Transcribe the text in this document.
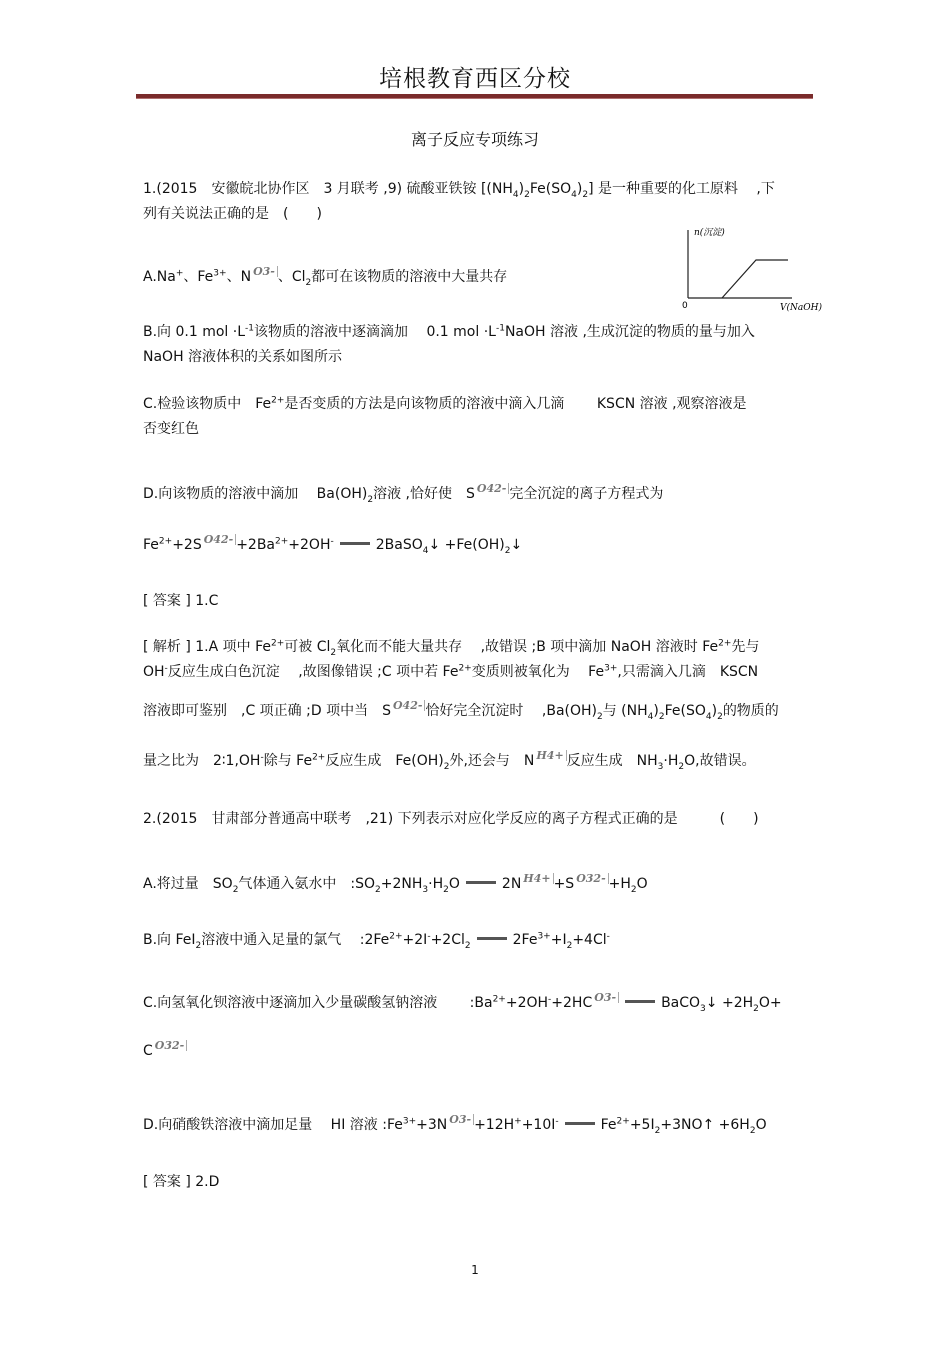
培根教育西区分校
离子反应专项练习
1.(2015　安徽皖北协作区　3 月联考 ,9) 硫酸亚铁铵 $[(NH_4)_2Fe(SO_4)_2]$ 是一种重要的化工原料　 ,下
列有关说法正确的是　(　　)
n(沉淀)
0	V(NaOH)
A.Na+、$Fe^{3+}$、N O3- 、$Cl_2$都可在该物质的溶液中大量共存
B.向 0.1 mol $\cdot L^{-1}$该物质的溶液中逐滴滴加　 0.1 mol $\cdot L^{-1}NaOH$ 溶液 ,生成沉淀的物质的量与加入
NaOH 溶液体积的关系如图所示
C.检验该物质中　$Fe^{2+}$是否变质的方法是向该物质的溶液中滴入几滴　　 KSCN 溶液 ,观察溶液是
否变红色
D.向该物质的溶液中滴加　 $Ba(OH)_2$溶液 ,恰好使　S O42- 完全沉淀的离子方程式为
$Fe^{2+}+2S$ $O42- +2Ba^{2+}+2OH^-$	2BaSO$_4$↓ $+Fe(OH)_2↓$
[ 答案 ] 1.C
[ 解析 ] 1.A 项中 $Fe^{2+}$可被 $Cl_2$氧化而不能大量共存　 ,故错误 ;B 项中滴加 NaOH 溶液时 $Fe^{2+}$先与
OH-反应生成白色沉淀　 ,故图像错误 ;C 项中若 $Fe^{2+}$变质则被氧化为　 $Fe^{3+}$,只需滴入几滴　KSCN
溶液即可鉴别　,C 项正确 ;D 项中当　S O42- 恰好完全沉淀时　 $,Ba(OH)_2$与 $(NH_4)_2Fe(SO_4)_2$的物质的
量之比为　2∶1,OH-除与 $Fe^{2+}$反应生成　$Fe(OH)_2$外,还会与　N H4+ 反应生成　$NH_3\cdot H_2O$,故错误。
2.(2015　甘肃部分普通高中联考　,21) 下列表示对应化学反应的离子方程式正确的是　　　(　　)
A.将过量　$SO_2$气体通入氨水中　$:SO_2+2NH_3\cdot H_2O$	2N H4+ +S $O32- +H_2O$
B.向 FeI$_2$溶液中通入足量的氯气　 $:2Fe^{2+}+2I^-+2Cl_2$	$2Fe^{3+}+I_2+4Cl^-$
C.向氢氧化钡溶液中逐滴加入少量碳酸氢钠溶液　　 $:Ba^{2+}+2OH^-+2HC$ O3-	BaCO$_3$↓ $+2H_2O+$
C O32-
D.向硝酸铁溶液中滴加足量　 HI 溶液 $:Fe^{3+}+3N$ O3- +12H++10I-	$Fe^{2+}+5I_2+3NO↑ +6H_2O$
[ 答案 ] 2.D
1
